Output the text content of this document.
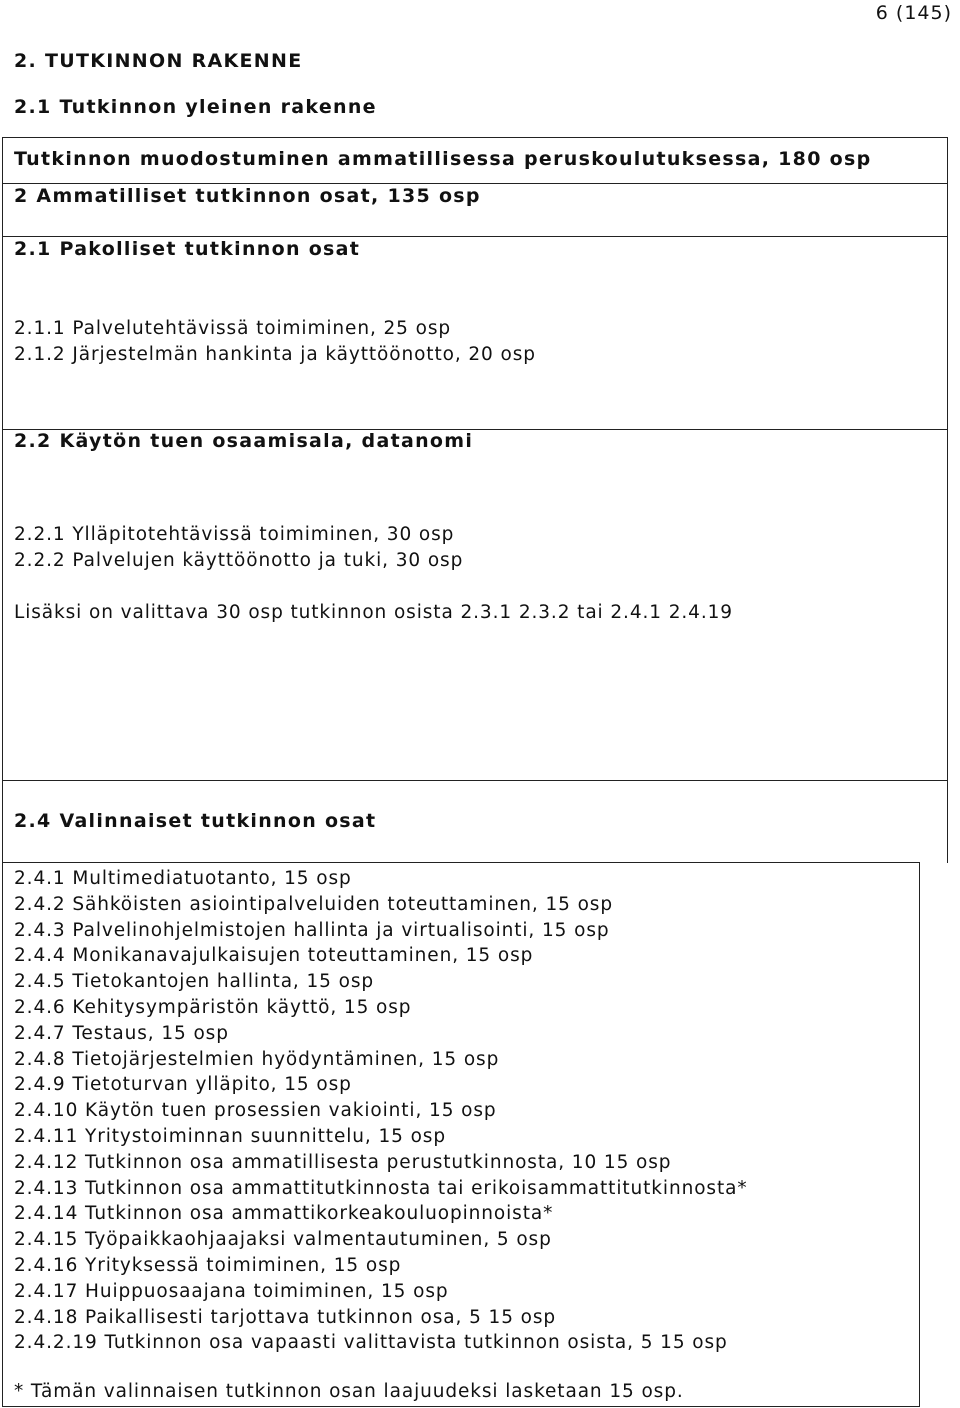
6 (145)
2. TUTKINNON RAKENNE
2.1 Tutkinnon yleinen rakenne
Tutkinnon muodostuminen ammatillisessa peruskoulutuksessa, 180 osp
2 Ammatilliset tutkinnon osat, 135 osp
2.1 Pakolliset tutkinnon osat
2.1.1 Palvelutehtävissä toimiminen, 25 osp
2.1.2 Järjestelmän hankinta ja käyttöönotto, 20 osp
2.2 Käytön tuen osaamisala, datanomi
2.2.1 Ylläpitotehtävissä toimiminen, 30 osp
2.2.2 Palvelujen käyttöönotto ja tuki, 30 osp
Lisäksi on valittava 30 osp tutkinnon osista 2.3.1 2.3.2 tai 2.4.1 2.4.19
2.4 Valinnaiset tutkinnon osat
2.4.1 Multimediatuotanto, 15 osp
2.4.2 Sähköisten asiointipalveluiden toteuttaminen, 15 osp
2.4.3 Palvelinohjelmistojen hallinta ja virtualisointi, 15 osp
2.4.4 Monikanavajulkaisujen toteuttaminen, 15 osp
2.4.5 Tietokantojen hallinta, 15 osp
2.4.6 Kehitysympäristön käyttö, 15 osp
2.4.7 Testaus, 15 osp
2.4.8 Tietojärjestelmien hyödyntäminen, 15 osp
2.4.9 Tietoturvan ylläpito, 15 osp
2.4.10 Käytön tuen prosessien vakiointi, 15 osp
2.4.11 Yritystoiminnan suunnittelu, 15 osp
2.4.12 Tutkinnon osa ammatillisesta perustutkinnosta, 10 15 osp
2.4.13 Tutkinnon osa ammattitutkinnosta tai erikoisammattitutkinnosta*
2.4.14 Tutkinnon osa ammattikorkeakouluopinnoista*
2.4.15 Työpaikkaohjaajaksi valmentautuminen, 5 osp
2.4.16 Yrityksessä toimiminen, 15 osp
2.4.17 Huippuosaajana toimiminen, 15 osp
2.4.18 Paikallisesti tarjottava tutkinnon osa, 5 15 osp
2.4.2.19 Tutkinnon osa vapaasti valittavista tutkinnon osista, 5 15 osp
* Tämän valinnaisen tutkinnon osan laajuudeksi lasketaan 15 osp.
